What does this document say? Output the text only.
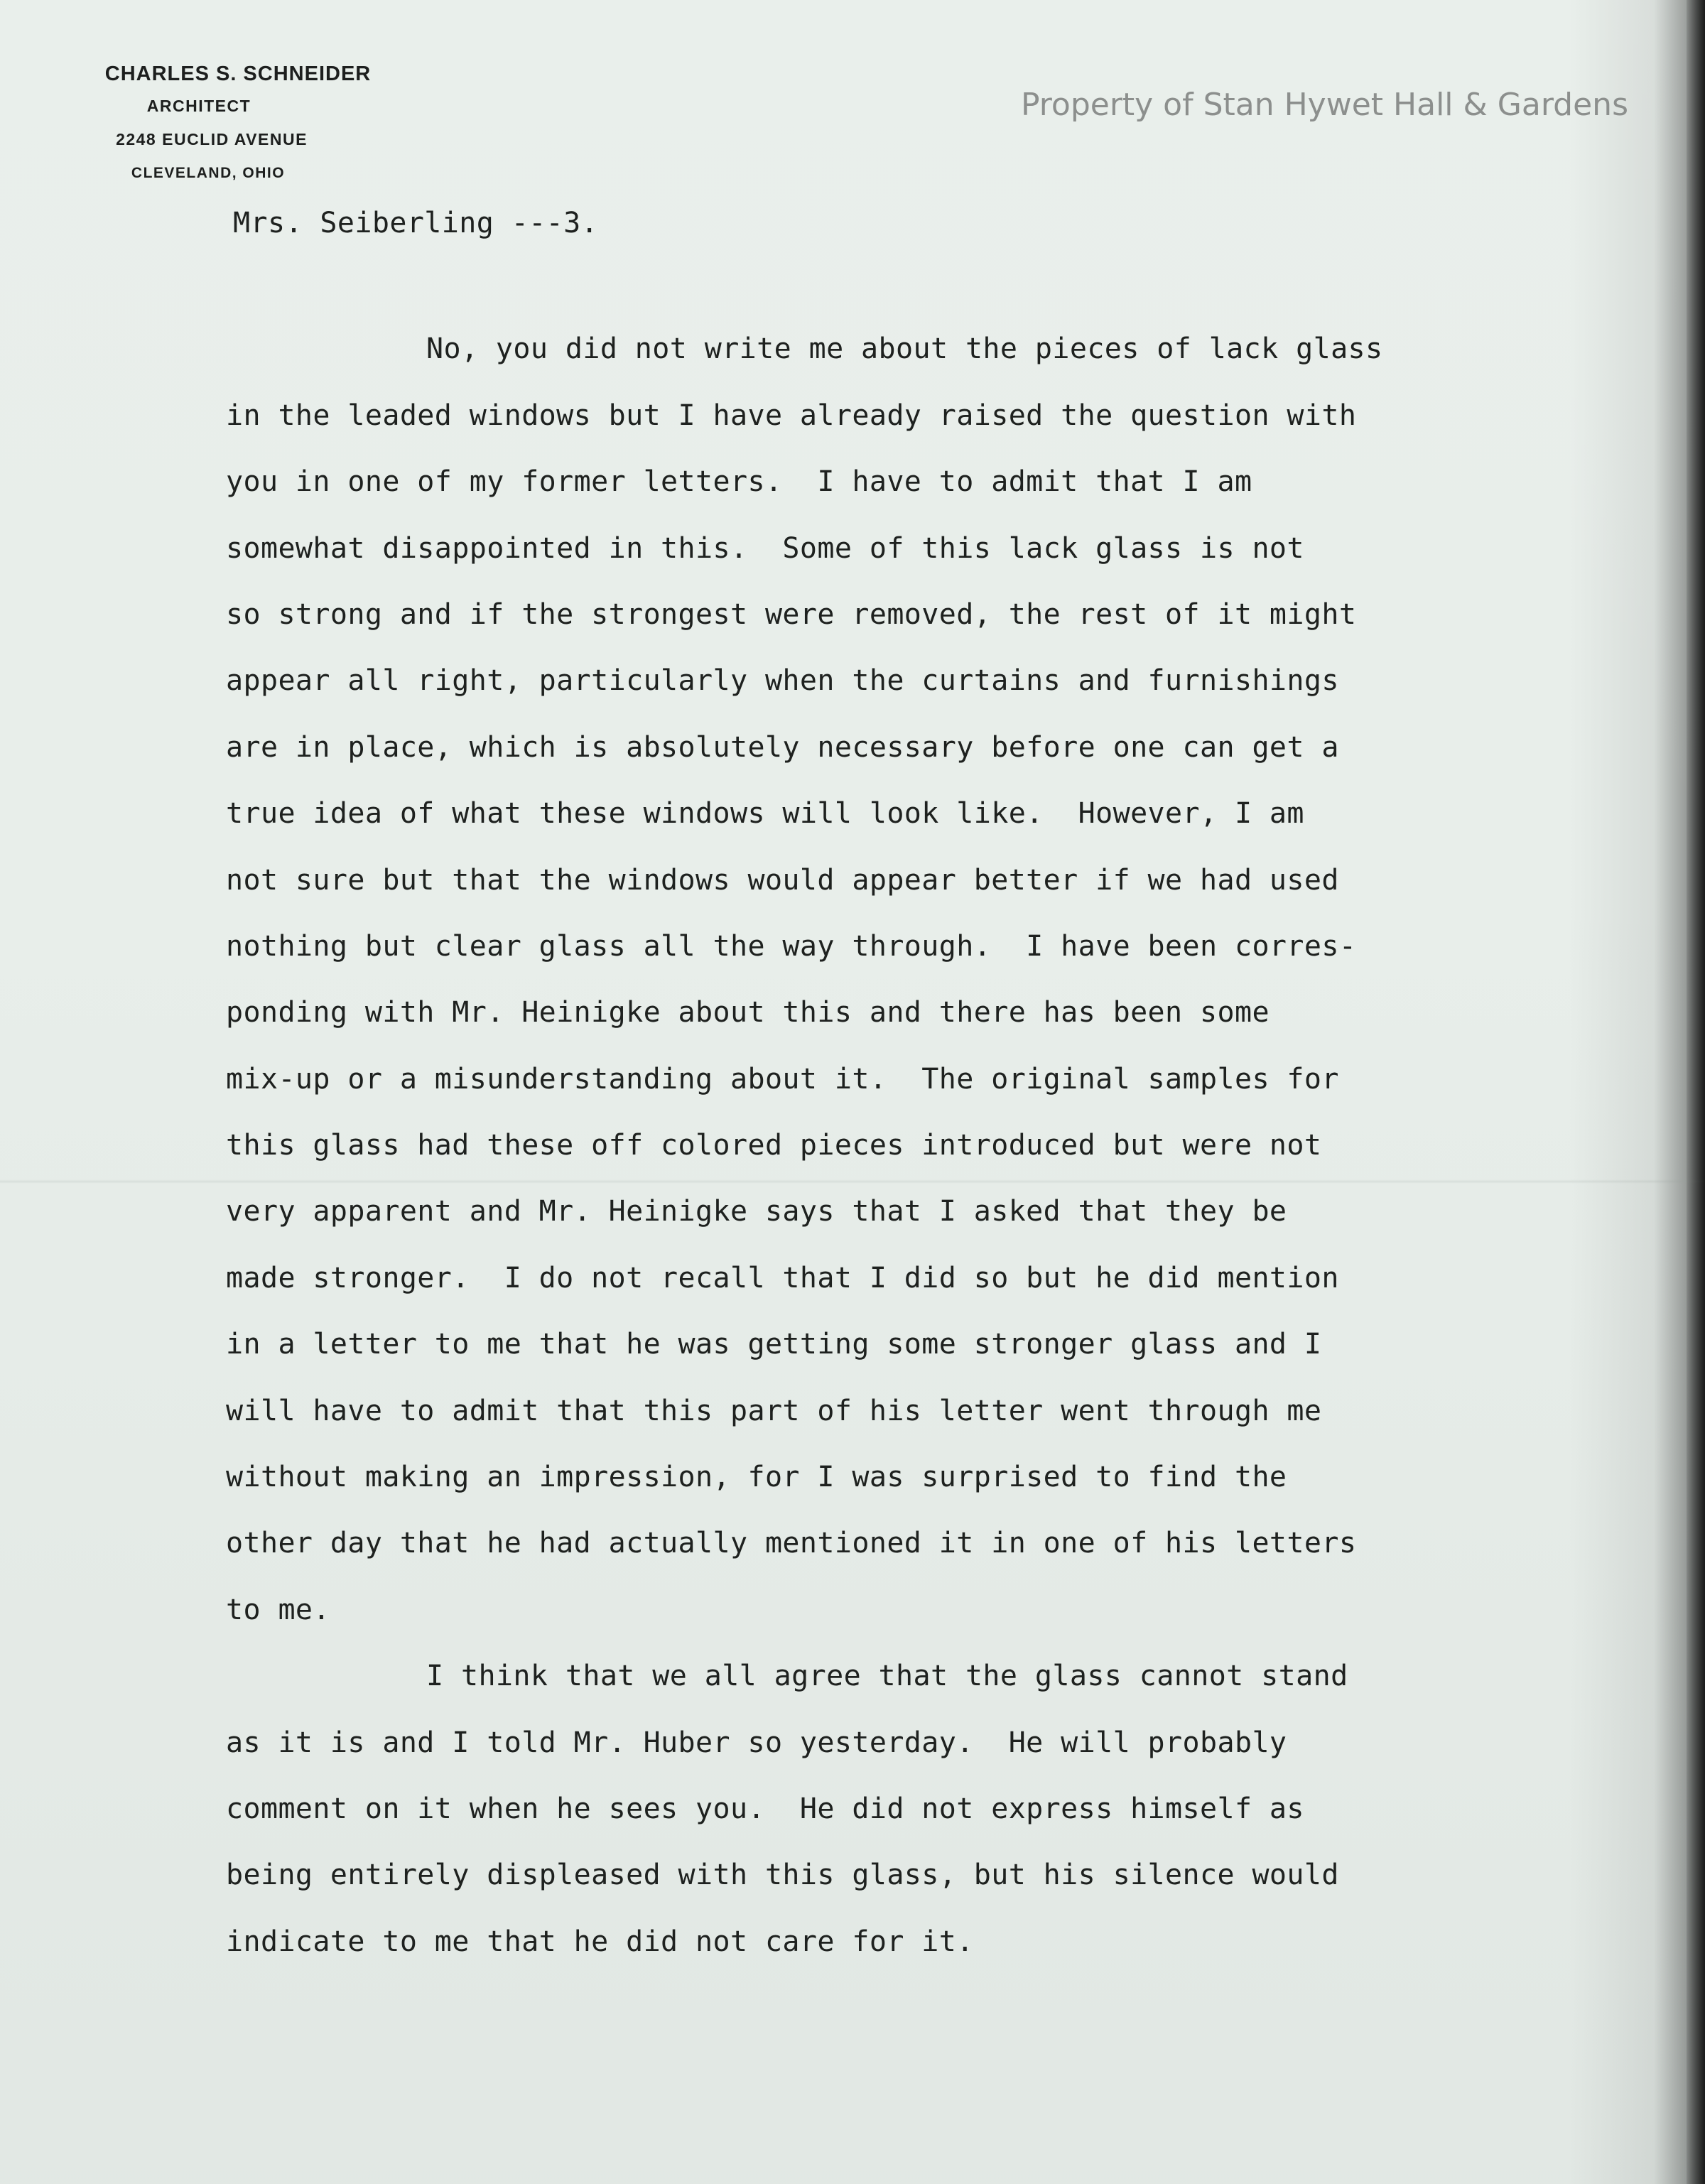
CHARLES S. SCHNEIDER
ARCHITECT
2248 EUCLID AVENUE
CLEVELAND, OHIO
Property of Stan Hywet Hall & Gardens
Mrs. Seiberling ---3.
No, you did not write me about the pieces of lack glass
in the leaded windows but I have already raised the question with
you in one of my former letters.  I have to admit that I am
somewhat disappointed in this.  Some of this lack glass is not
so strong and if the strongest were removed, the rest of it might
appear all right, particularly when the curtains and furnishings
are in place, which is absolutely necessary before one can get a
true idea of what these windows will look like.  However, I am
not sure but that the windows would appear better if we had used
nothing but clear glass all the way through.  I have been corres-
ponding with Mr. Heinigke about this and there has been some
mix-up or a misunderstanding about it.  The original samples for
this glass had these off colored pieces introduced but were not
very apparent and Mr. Heinigke says that I asked that they be
made stronger.  I do not recall that I did so but he did mention
in a letter to me that he was getting some stronger glass and I
will have to admit that this part of his letter went through me
without making an impression, for I was surprised to find the
other day that he had actually mentioned it in one of his letters
to me.
I think that we all agree that the glass cannot stand
as it is and I told Mr. Huber so yesterday.  He will probably
comment on it when he sees you.  He did not express himself as
being entirely displeased with this glass, but his silence would
indicate to me that he did not care for it.
